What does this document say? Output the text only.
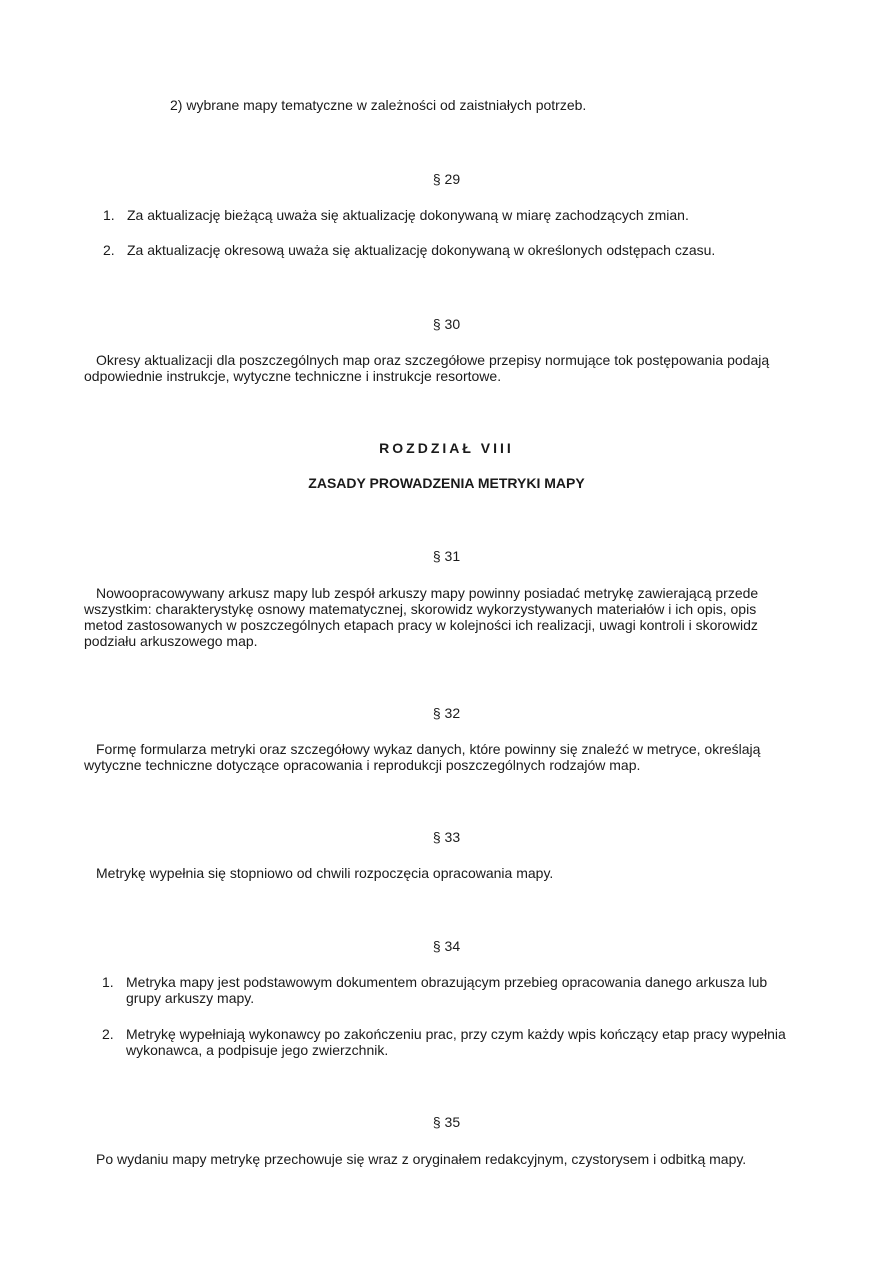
2) wybrane mapy tematyczne w zależności od zaistniałych potrzeb.
§ 29
1. Za aktualizację bieżącą uważa się aktualizację dokonywaną w miarę zachodzących zmian.
2. Za aktualizację okresową uważa się aktualizację dokonywaną w określonych odstępach czasu.
§ 30
Okresy aktualizacji dla poszczególnych map oraz szczegółowe przepisy normujące tok postępowania podają
odpowiednie instrukcje, wytyczne techniczne i instrukcje resortowe.
ROZDZIAŁ VIII
ZASADY PROWADZENIA METRYKI MAPY
§ 31
Nowoopracowywany arkusz mapy lub zespół arkuszy mapy powinny posiadać metrykę zawierającą przede
wszystkim: charakterystykę osnowy matematycznej, skorowidz wykorzystywanych materiałów i ich opis, opis
metod zastosowanych w poszczególnych etapach pracy w kolejności ich realizacji, uwagi kontroli i skorowidz
podziału arkuszowego map.
§ 32
Formę formularza metryki oraz szczegółowy wykaz danych, które powinny się znaleźć w metryce, określają
wytyczne techniczne dotyczące opracowania i reprodukcji poszczególnych rodzajów map.
§ 33
Metrykę wypełnia się stopniowo od chwili rozpoczęcia opracowania mapy.
§ 34
1. Metryka mapy jest podstawowym dokumentem obrazującym przebieg opracowania danego arkusza lub
grupy arkuszy mapy.
2. Metrykę wypełniają wykonawcy po zakończeniu prac, przy czym każdy wpis kończący etap pracy wypełnia
wykonawca, a podpisuje jego zwierzchnik.
§ 35
Po wydaniu mapy metrykę przechowuje się wraz z oryginałem redakcyjnym, czystorysem i odbitką mapy.
